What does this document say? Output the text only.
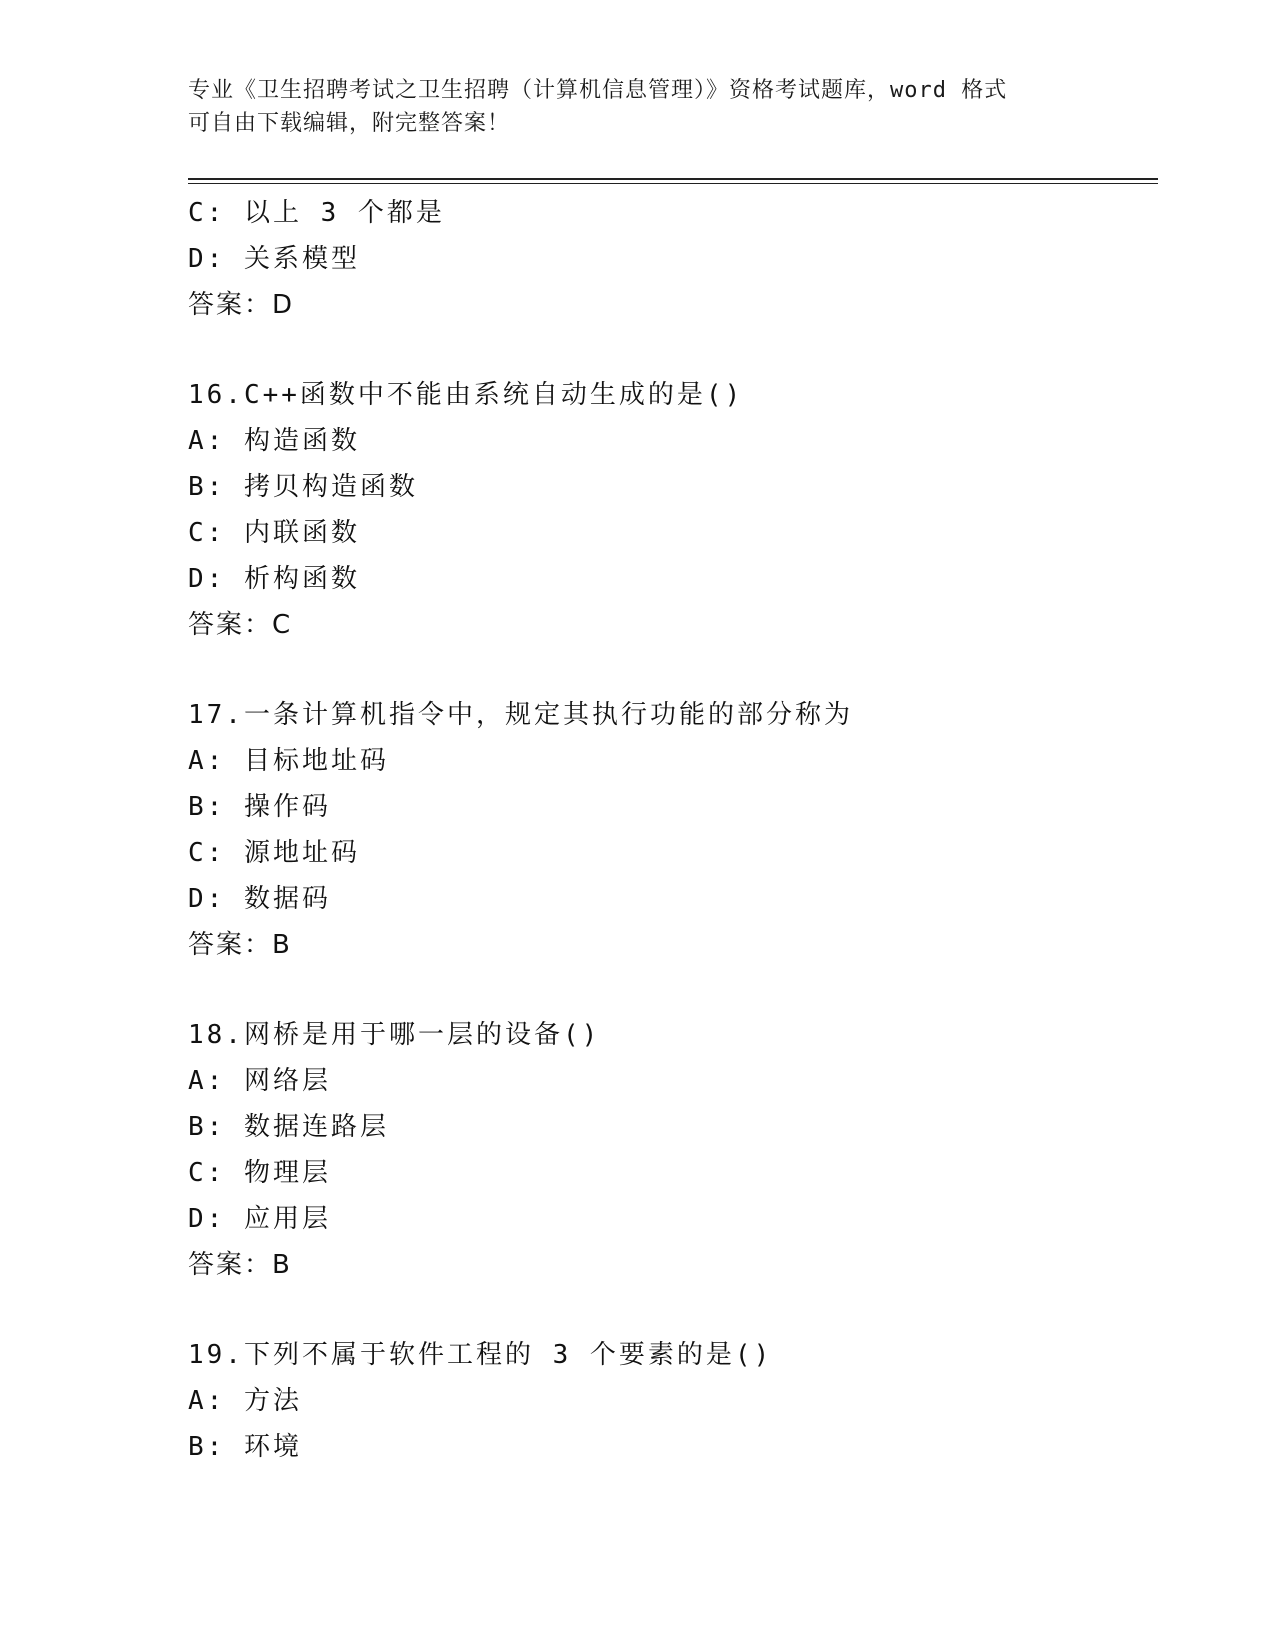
专业《卫生招聘考试之卫生招聘（计算机信息管理）》资格考试题库，word 格式
可自由下载编辑，附完整答案！
C: 以上 3 个都是
D: 关系模型
答案：D
16.C++函数中不能由系统自动生成的是()
A: 构造函数
B: 拷贝构造函数
C: 内联函数
D: 析构函数
答案：C
17.一条计算机指令中，规定其执行功能的部分称为
A: 目标地址码
B: 操作码
C: 源地址码
D: 数据码
答案：B
18.网桥是用于哪一层的设备()
A: 网络层
B: 数据连路层
C: 物理层
D: 应用层
答案：B
19.下列不属于软件工程的 3 个要素的是()
A: 方法
B: 环境
